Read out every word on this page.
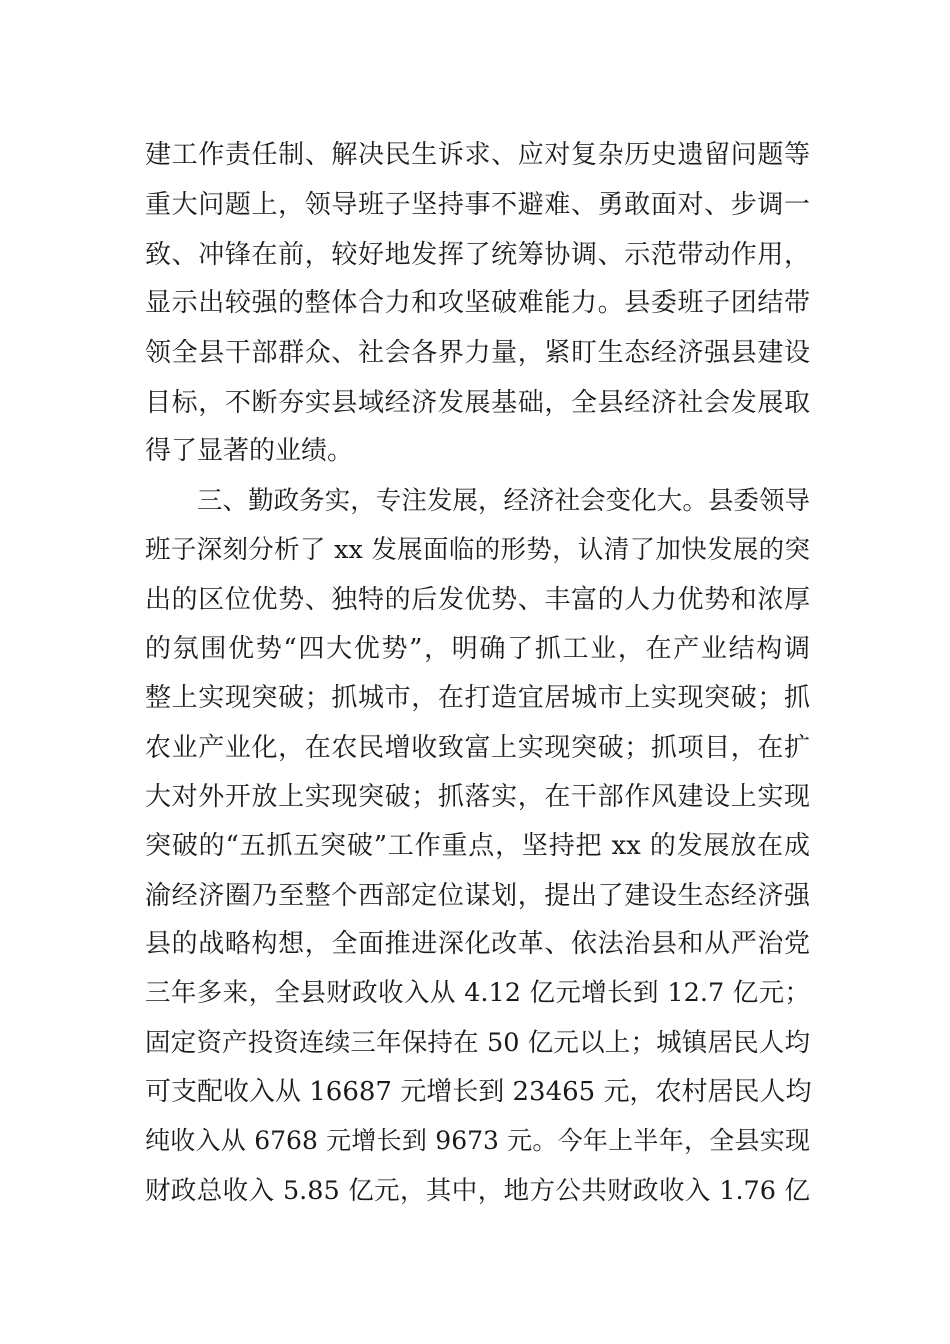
建工作责任制、解决民生诉求、应对复杂历史遗留问题等
重大问题上，领导班子坚持事不避难、勇敢面对、步调一
致、冲锋在前，较好地发挥了统筹协调、示范带动作用，
显示出较强的整体合力和攻坚破难能力。县委班子团结带
领全县干部群众、社会各界力量，紧盯生态经济强县建设
目标，不断夯实县域经济发展基础，全县经济社会发展取
得了显著的业绩。
三、勤政务实，专注发展，经济社会变化大。县委领导
班子深刻分析了 xx 发展面临的形势，认清了加快发展的突
出的区位优势、独特的后发优势、丰富的人力优势和浓厚
的氛围优势“四大优势”，明确了抓工业，在产业结构调
整上实现突破；抓城市，在打造宜居城市上实现突破；抓
农业产业化，在农民增收致富上实现突破；抓项目，在扩
大对外开放上实现突破；抓落实，在干部作风建设上实现
突破的“五抓五突破”工作重点，坚持把 xx 的发展放在成
渝经济圈乃至整个西部定位谋划，提出了建设生态经济强
县的战略构想，全面推进深化改革、依法治县和从严治党
三年多来，全县财政收入从 4.12 亿元增长到 12.7 亿元；
固定资产投资连续三年保持在 50 亿元以上；城镇居民人均
可支配收入从 16687 元增长到 23465 元，农村居民人均
纯收入从 6768 元增长到 9673 元。今年上半年，全县实现
财政总收入 5.85 亿元，其中，地方公共财政收入 1.76 亿
